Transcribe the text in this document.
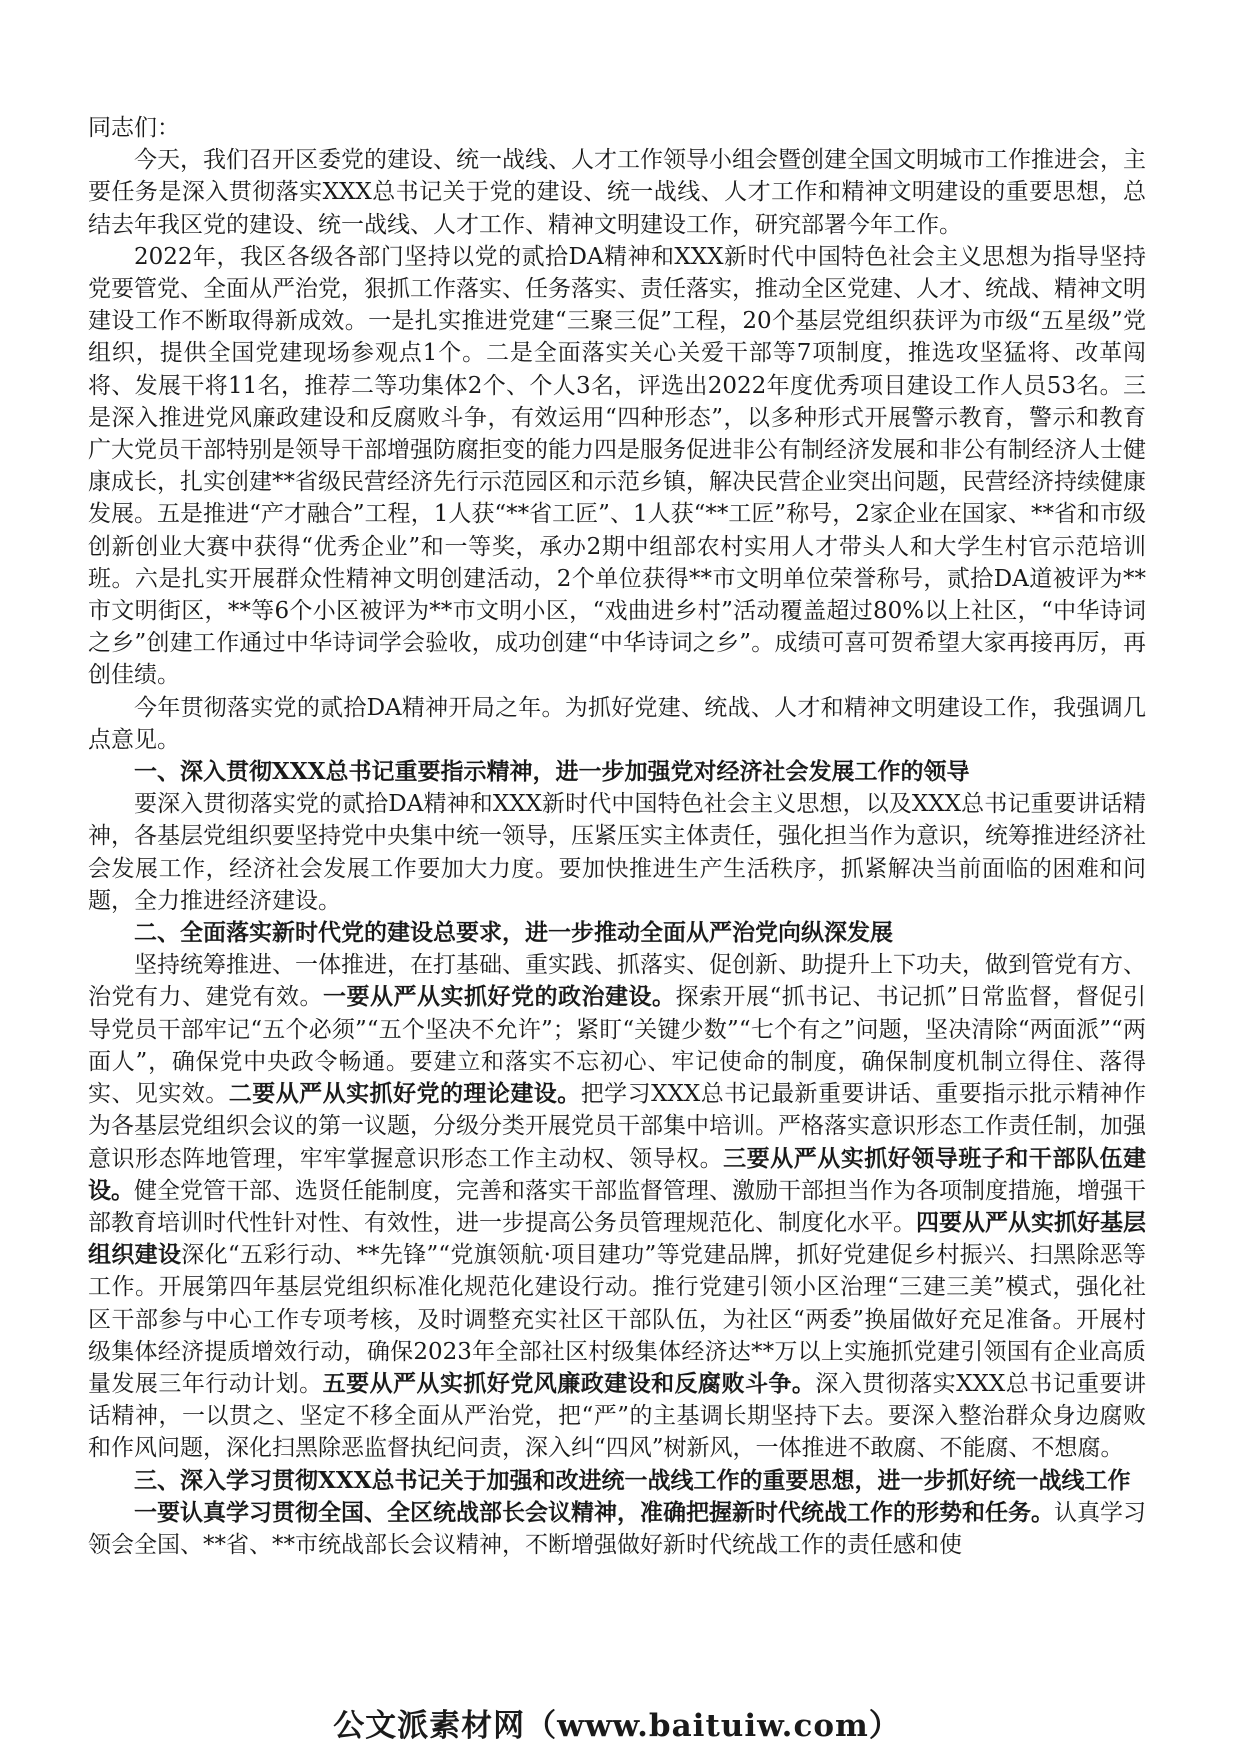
同志们：

今天，我们召开区委党的建设、统一战线、人才工作领导小组会暨创建全国文明城市工作推进会，主要任务是深入贯彻落实XXX总书记关于党的建设、统一战线、人才工作和精神文明建设的重要思想，总结去年我区党的建设、统一战线、人才工作、精神文明建设工作，研究部署今年工作。

2022年，我区各级各部门坚持以党的贰拾DA精神和XXX新时代中国特色社会主义思想为指导坚持党要管党、全面从严治党，狠抓工作落实、任务落实、责任落实，推动全区党建、人才、统战、精神文明建设工作不断取得新成效。一是扎实推进党建“三聚三促”工程，20个基层党组织获评为市级“五星级”党组织，提供全国党建现场参观点1个。二是全面落实关心关爱干部等7项制度，推选攻坚猛将、改革闯将、发展干将11名，推荐二等功集体2个、个人3名，评选出2022年度优秀项目建设工作人员53名。三是深入推进党风廉政建设和反腐败斗争，有效运用“四种形态”，以多种形式开展警示教育，警示和教育广大党员干部特别是领导干部增强防腐拒变的能力四是服务促进非公有制经济发展和非公有制经济人士健康成长，扎实创建**省级民营经济先行示范园区和示范乡镇，解决民营企业突出问题，民营经济持续健康发展。五是推进“产才融合”工程，1人获“**省工匠”、1人获“**工匠”称号，2家企业在国家、**省和市级创新创业大赛中获得“优秀企业”和一等奖，承办2期中组部农村实用人才带头人和大学生村官示范培训班。六是扎实开展群众性精神文明创建活动，2个单位获得**市文明单位荣誉称号，贰拾DA道被评为**市文明街区，**等6个小区被评为**市文明小区，“戏曲进乡村”活动覆盖超过80%以上社区，“中华诗词之乡”创建工作通过中华诗词学会验收，成功创建“中华诗词之乡”。成绩可喜可贺希望大家再接再厉，再创佳绩。

今年贯彻落实党的贰拾DA精神开局之年。为抓好党建、统战、人才和精神文明建设工作，我强调几点意见。

一、深入贯彻XXX总书记重要指示精神，进一步加强党对经济社会发展工作的领导

要深入贯彻落实党的贰拾DA精神和XXX新时代中国特色社会主义思想，以及XXX总书记重要讲话精神，各基层党组织要坚持党中央集中统一领导，压紧压实主体责任，强化担当作为意识，统筹推进经济社会发展工作，经济社会发展工作要加大力度。要加快推进生产生活秩序，抓紧解决当前面临的困难和问题，全力推进经济建设。

二、全面落实新时代党的建设总要求，进一步推动全面从严治党向纵深发展

坚持统筹推进、一体推进，在打基础、重实践、抓落实、促创新、助提升上下功夫，做到管党有方、治党有力、建党有效。一要从严从实抓好党的政治建设。探索开展“抓书记、书记抓”日常监督，督促引导党员干部牢记“五个必须”“五个坚决不允许”；紧盯“关键少数”“七个有之”问题，坚决清除“两面派”“两面人”，确保党中央政令畅通。要建立和落实不忘初心、牢记使命的制度，确保制度机制立得住、落得实、见实效。二要从严从实抓好党的理论建设。把学习XXX总书记最新重要讲话、重要指示批示精神作为各基层党组织会议的第一议题，分级分类开展党员干部集中培训。严格落实意识形态工作责任制，加强意识形态阵地管理，牢牢掌握意识形态工作主动权、领导权。三要从严从实抓好领导班子和干部队伍建设。健全党管干部、选贤任能制度，完善和落实干部监督管理、激励干部担当作为各项制度措施，增强干部教育培训时代性针对性、有效性，进一步提高公务员管理规范化、制度化水平。四要从严从实抓好基层组织建设深化“五彩行动、**先锋”“党旗领航·项目建功”等党建品牌，抓好党建促乡村振兴、扫黑除恶等工作。开展第四年基层党组织标准化规范化建设行动。推行党建引领小区治理“三建三美”模式，强化社区干部参与中心工作专项考核，及时调整充实社区干部队伍，为社区“两委”换届做好充足准备。开展村级集体经济提质增效行动，确保2023年全部社区村级集体经济达**万以上实施抓党建引领国有企业高质量发展三年行动计划。五要从严从实抓好党风廉政建设和反腐败斗争。深入贯彻落实XXX总书记重要讲话精神，一以贯之、坚定不移全面从严治党，把“严”的主基调长期坚持下去。要深入整治群众身边腐败和作风问题，深化扫黑除恶监督执纪问责，深入纠“四风”树新风，一体推进不敢腐、不能腐、不想腐。

三、深入学习贯彻XXX总书记关于加强和改进统一战线工作的重要思想，进一步抓好统一战线工作

一要认真学习贯彻全国、全区统战部长会议精神，准确把握新时代统战工作的形势和任务。认真学习领会全国、**省、**市统战部长会议精神，不断增强做好新时代统战工作的责任感和使

公文派素材网（www.baituiw.com）
